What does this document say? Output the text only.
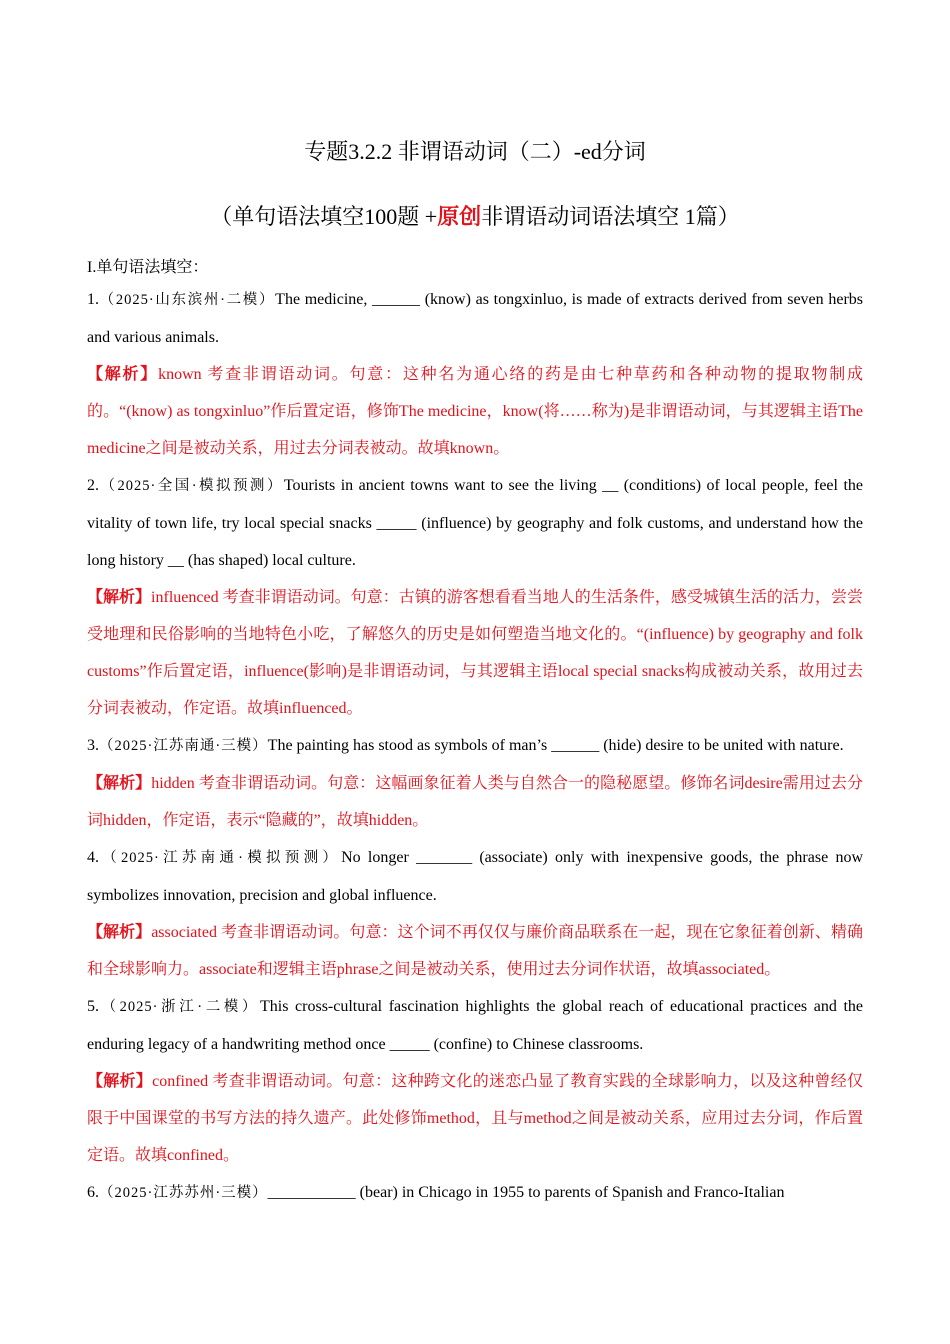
专题3.2.2 非谓语动词（二）-ed分词
（单句语法填空100题 +原创非谓语动词语法填空 1篇）
I.单句语法填空：

1.（2025·山东滨州·二模）The medicine, ______ (know) as tongxinluo, is made of extracts derived from seven herbs and various animals.

【解析】known 考查非谓语动词。句意：这种名为通心络的药是由七种草药和各种动物的提取物制成的。“(know) as tongxinluo”作后置定语，修饰The medicine，know(将……称为)是非谓语动词，与其逻辑主语The medicine之间是被动关系，用过去分词表被动。故填known。

2.（2025·全国·模拟预测）Tourists in ancient towns want to see the living __ (conditions) of local people, feel the vitality of town life, try local special snacks _____ (influence) by geography and folk customs, and understand how the long history __ (has shaped) local culture.

【解析】influenced 考查非谓语动词。句意：古镇的游客想看看当地人的生活条件，感受城镇生活的活力，尝尝受地理和民俗影响的当地特色小吃，了解悠久的历史是如何塑造当地文化的。“(influence) by geography and folk customs”作后置定语，influence(影响)是非谓语动词，与其逻辑主语local special snacks构成被动关系，故用过去分词表被动，作定语。故填influenced。

3.（2025·江苏南通·三模）The painting has stood as symbols of man’s ______ (hide) desire to be united with nature.

【解析】hidden 考查非谓语动词。句意：这幅画象征着人类与自然合一的隐秘愿望。修饰名词desire需用过去分词hidden，作定语，表示“隐藏的”，故填hidden。

4.（2025·江苏南通·模拟预测）No longer _______ (associate) only with inexpensive goods, the phrase now symbolizes innovation, precision and global influence.

【解析】associated 考查非谓语动词。句意：这个词不再仅仅与廉价商品联系在一起，现在它象征着创新、精确和全球影响力。associate和逻辑主语phrase之间是被动关系，使用过去分词作状语，故填associated。

5.（2025·浙江·二模）This cross-cultural fascination highlights the global reach of educational practices and the enduring legacy of a handwriting method once _____ (confine) to Chinese classrooms.

【解析】confined 考查非谓语动词。句意：这种跨文化的迷恋凸显了教育实践的全球影响力，以及这种曾经仅限于中国课堂的书写方法的持久遗产。此处修饰method，且与method之间是被动关系，应用过去分词，作后置定语。故填confined。

6.（2025·江苏苏州·三模）___________ (bear) in Chicago in 1955 to parents of Spanish and Franco-Italian
